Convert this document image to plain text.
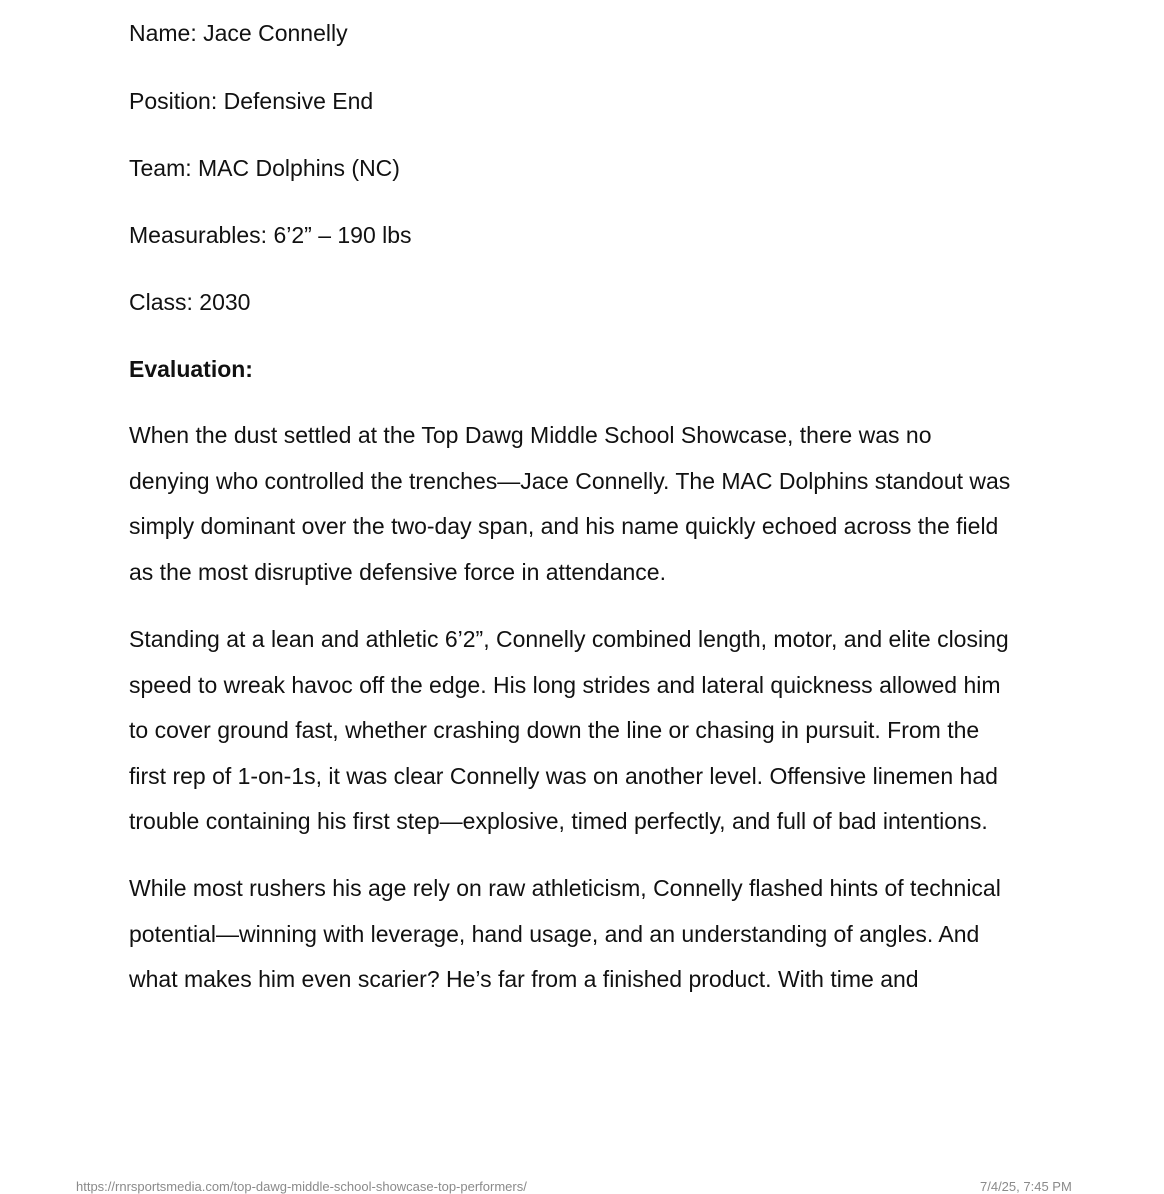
Name: Jace Connelly

Position: Defensive End

Team: MAC Dolphins (NC)

Measurables: 6’2” – 190 lbs

Class: 2030

Evaluation:

When the dust settled at the Top Dawg Middle School Showcase, there was no
denying who controlled the trenches—Jace Connelly. The MAC Dolphins standout was
simply dominant over the two-day span, and his name quickly echoed across the field
as the most disruptive defensive force in attendance.

Standing at a lean and athletic 6’2”, Connelly combined length, motor, and elite closing
speed to wreak havoc off the edge. His long strides and lateral quickness allowed him
to cover ground fast, whether crashing down the line or chasing in pursuit. From the
first rep of 1-on-1s, it was clear Connelly was on another level. Offensive linemen had
trouble containing his first step—explosive, timed perfectly, and full of bad intentions.

While most rushers his age rely on raw athleticism, Connelly flashed hints of technical
potential—winning with leverage, hand usage, and an understanding of angles. And
what makes him even scarier? He’s far from a finished product. With time and

https://rnrsportsmedia.com/top-dawg-middle-school-showcase-top-performers/	7/4/25, 7:45 PM
